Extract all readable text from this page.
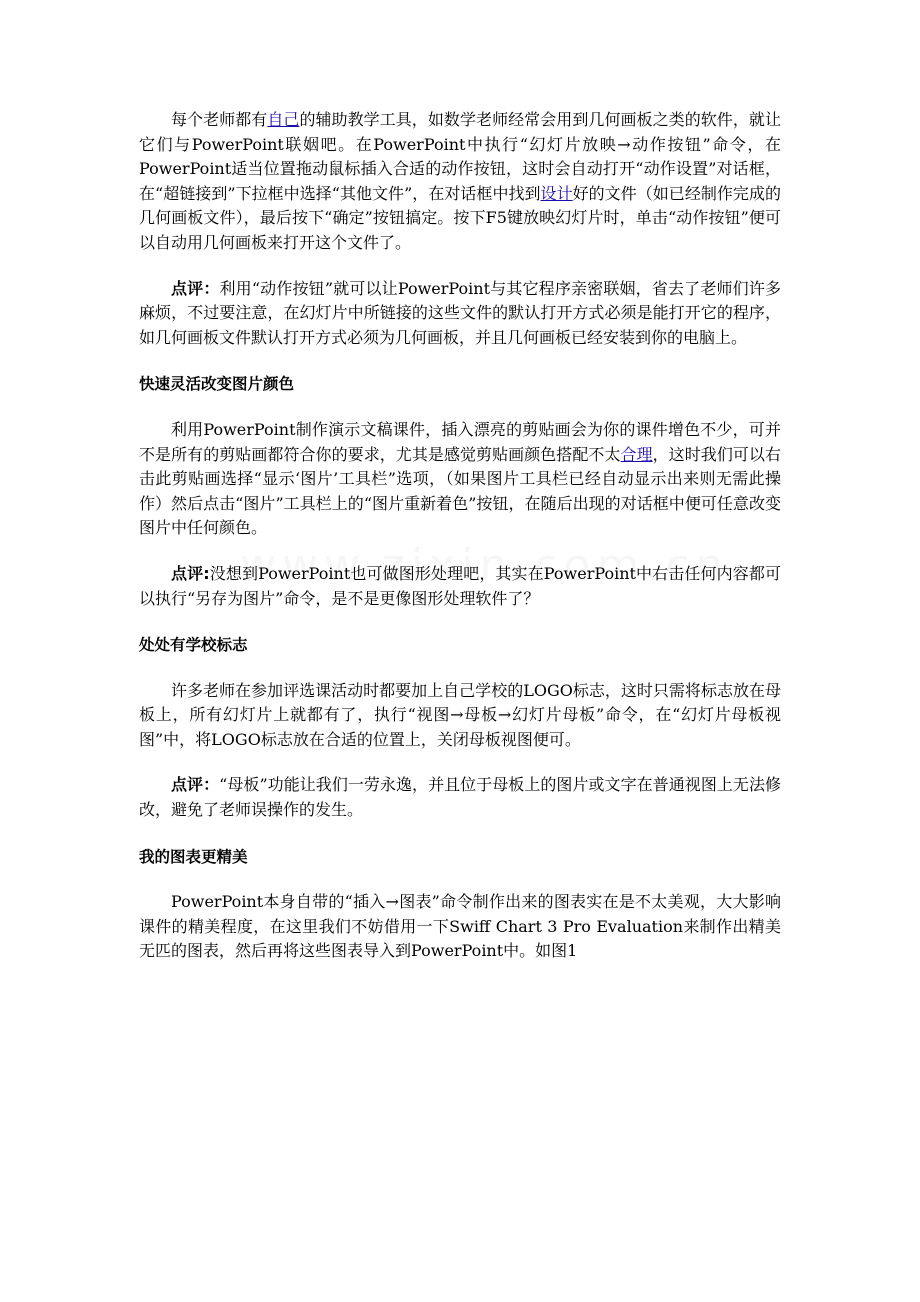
每个老师都有自己的辅助教学工具，如数学老师经常会用到几何画板之类的软件，就让它们与PowerPoint联姻吧。在PowerPoint中执行“幻灯片放映→动作按钮”命令，在PowerPoint适当位置拖动鼠标插入合适的动作按钮，这时会自动打开“动作设置”对话框，在“超链接到”下拉框中选择“其他文件”，在对话框中找到设计好的文件（如已经制作完成的几何画板文件），最后按下“确定”按钮搞定。按下F5键放映幻灯片时，单击“动作按钮”便可以自动用几何画板来打开这个文件了。

点评：利用“动作按钮”就可以让PowerPoint与其它程序亲密联姻，省去了老师们许多麻烦，不过要注意，在幻灯片中所链接的这些文件的默认打开方式必须是能打开它的程序，如几何画板文件默认打开方式必须为几何画板，并且几何画板已经安装到你的电脑上。

快速灵活改变图片颜色

利用PowerPoint制作演示文稿课件，插入漂亮的剪贴画会为你的课件增色不少，可并不是所有的剪贴画都符合你的要求，尤其是感觉剪贴画颜色搭配不太合理，这时我们可以右击此剪贴画选择“显示‘图片’工具栏”选项，（如果图片工具栏已经自动显示出来则无需此操作）然后点击“图片”工具栏上的“图片重新着色”按钮，在随后出现的对话框中便可任意改变图片中任何颜色。

点评:没想到PowerPoint也可做图形处理吧，其实在PowerPoint中右击任何内容都可以执行“另存为图片”命令，是不是更像图形处理软件了？

处处有学校标志

许多老师在参加评选课活动时都要加上自己学校的LOGO标志，这时只需将标志放在母板上，所有幻灯片上就都有了，执行“视图→母板→幻灯片母板”命令，在“幻灯片母板视图”中，将LOGO标志放在合适的位置上，关闭母板视图便可。

点评：“母板”功能让我们一劳永逸，并且位于母板上的图片或文字在普通视图上无法修改，避免了老师误操作的发生。

我的图表更精美

PowerPoint本身自带的“插入→图表”命令制作出来的图表实在是不太美观，大大影响课件的精美程度，在这里我们不妨借用一下Swiff Chart 3 Pro Evaluation来制作出精美无匹的图表，然后再将这些图表导入到PowerPoint中。如图1
